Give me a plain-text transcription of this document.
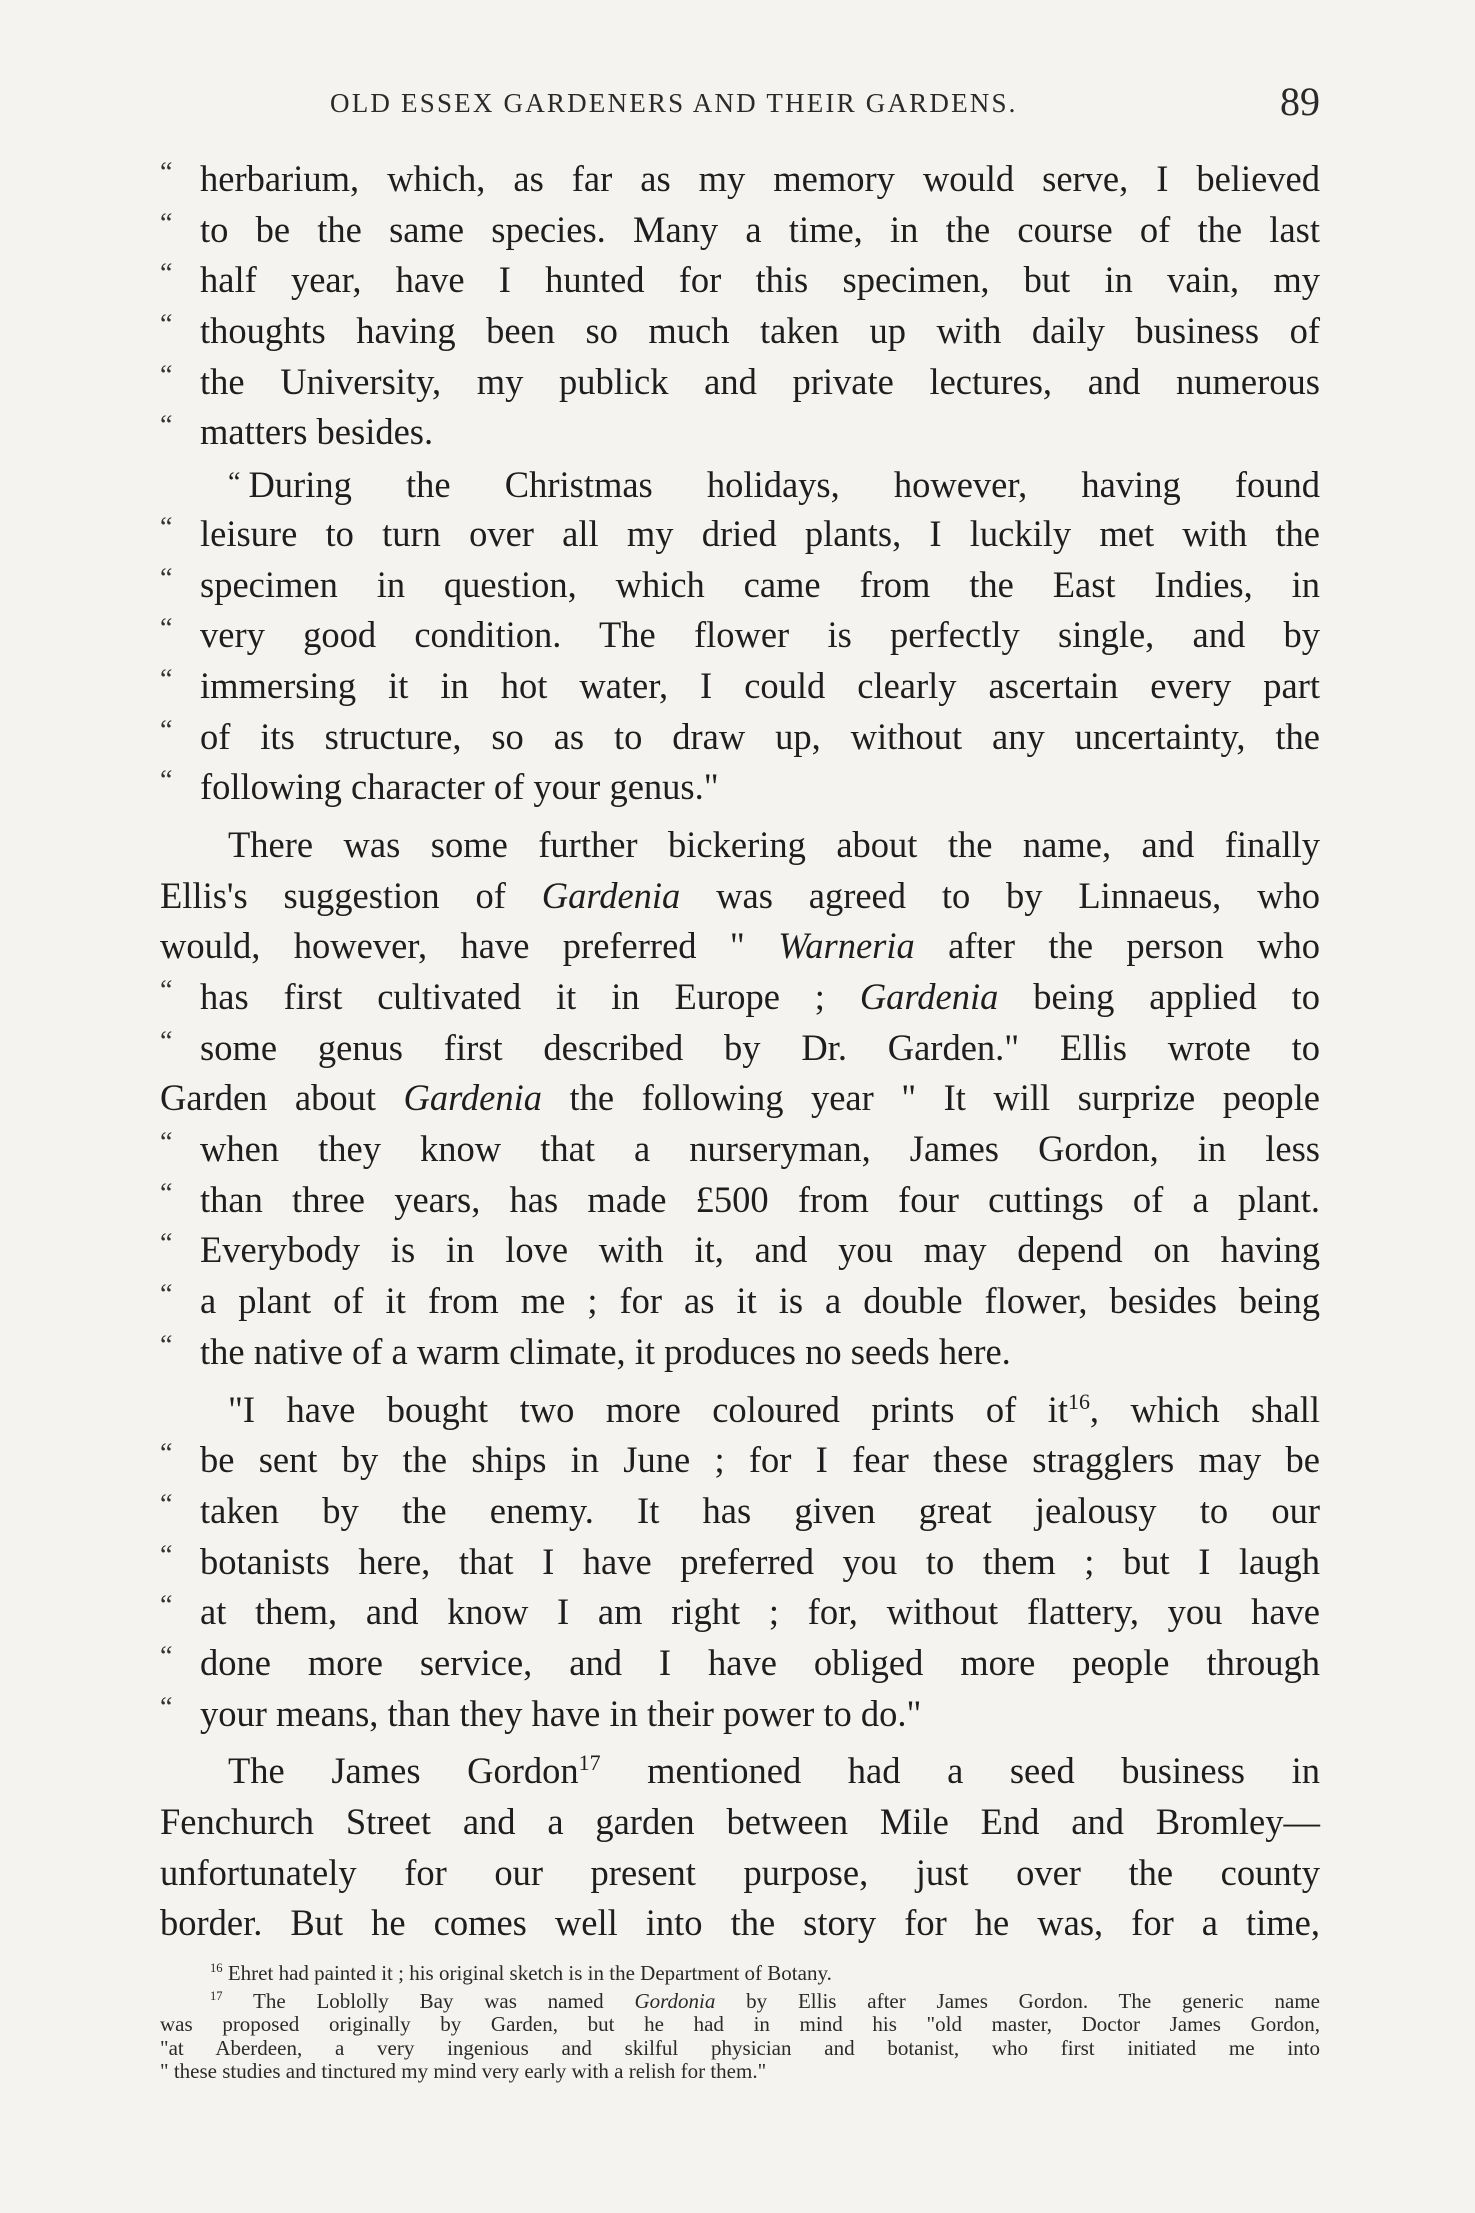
OLD ESSEX GARDENERS AND THEIR GARDENS.	89
“ herbarium, which, as far as my memory would serve, I believed
“ to be the same species. Many a time, in the course of the last
“ half year, have I hunted for this specimen, but in vain, my
“ thoughts having been so much taken up with daily business of
“ the University, my publick and private lectures, and numerous
“ matters besides.
“ During the Christmas holidays, however, having found
“ leisure to turn over all my dried plants, I luckily met with the
“ specimen in question, which came from the East Indies, in
“ very good condition. The flower is perfectly single, and by
“ immersing it in hot water, I could clearly ascertain every part
“ of its structure, so as to draw up, without any uncertainty, the
“ following character of your genus."
There was some further bickering about the name, and finally
Ellis's suggestion of Gardenia was agreed to by Linnaeus, who
would, however, have preferred " Warneria after the person who
“ has first cultivated it in Europe ; Gardenia being applied to
“ some genus first described by Dr. Garden." Ellis wrote to
Garden about Gardenia the following year " It will surprize people
“ when they know that a nurseryman, James Gordon, in less
“ than three years, has made £500 from four cuttings of a plant.
“ Everybody is in love with it, and you may depend on having
“ a plant of it from me ; for as it is a double flower, besides being
“ the native of a warm climate, it produces no seeds here.
"I have bought two more coloured prints of $it^{16}$, which shall
“ be sent by the ships in June ; for I fear these stragglers may be
“ taken by the enemy. It has given great jealousy to our
“ botanists here, that I have preferred you to them ; but I laugh
“ at them, and know I am right ; for, without flattery, you have
“ done more service, and I have obliged more people through
“ your means, than they have in their power to do."
The James Gordon$^{17}$ mentioned had a seed business in
Fenchurch Street and a garden between Mile End and Bromley—
unfortunately for our present purpose, just over the county
border. But he comes well into the story for he was, for a time,
$^{16}$ Ehret had painted it ; his original sketch is in the Department of Botany.
$^{17}$ The Loblolly Bay was named Gordonia by Ellis after James Gordon. The generic name
was proposed originally by Garden, but he had in mind his "old master, Doctor James Gordon,
"at Aberdeen, a very ingenious and skilful physician and botanist, who first initiated me into
" these studies and tinctured my mind very early with a relish for them."
